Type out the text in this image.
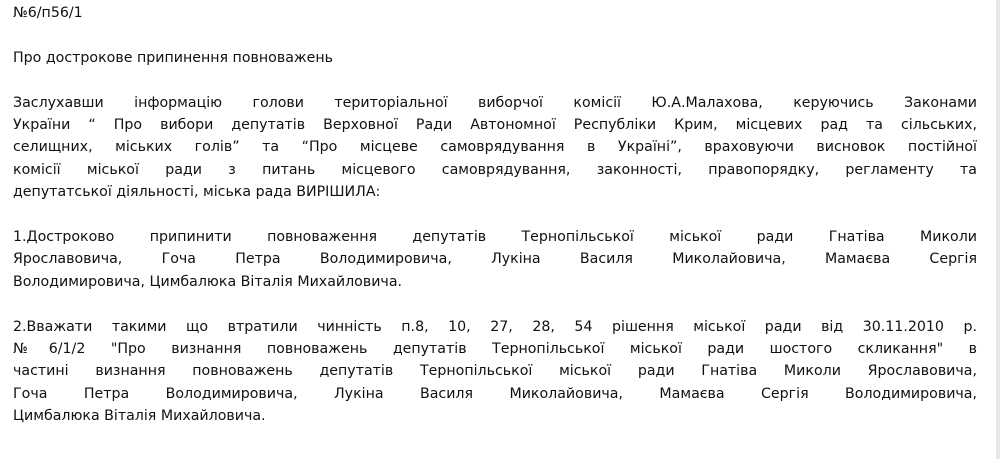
№6/п56/1

Про дострокове припинення повноважень

Заслухавши інформацію голови територіальної виборчої комісії Ю.А.Малахова, керуючись Законами
України “ Про вибори депутатів Верховної Ради Автономної Республіки Крим, місцевих рад та сільських,
селищних, міських голів” та “Про місцеве самоврядування в Україні”, враховуючи висновок постійної
комісії міської ради з питань місцевого самоврядування, законності, правопорядку, регламенту та
депутатської діяльності, міська рада ВИРІШИЛА:
1.Достроково припинити повноваження депутатів Тернопільської міської ради Гнатіва Миколи
Ярославовича, Гоча Петра Володимировича, Лукіна Василя Миколайовича, Мамаєва Сергія
Володимировича, Цимбалюка Віталія Михайловича.
2.Вважати такими що втратили чинність п.8, 10, 27, 28, 54 рішення міської ради від 30.11.2010 р.
№6/1/2 "Про визнання повноважень депутатів Тернопільської міської ради шостого скликання" в
частині визнання повноважень депутатів Тернопільської міської ради Гнатіва Миколи Ярославовича,
Гоча Петра Володимировича, Лукіна Василя Миколайовича, Мамаєва Сергія Володимировича,
Цимбалюка Віталія Михайловича.
